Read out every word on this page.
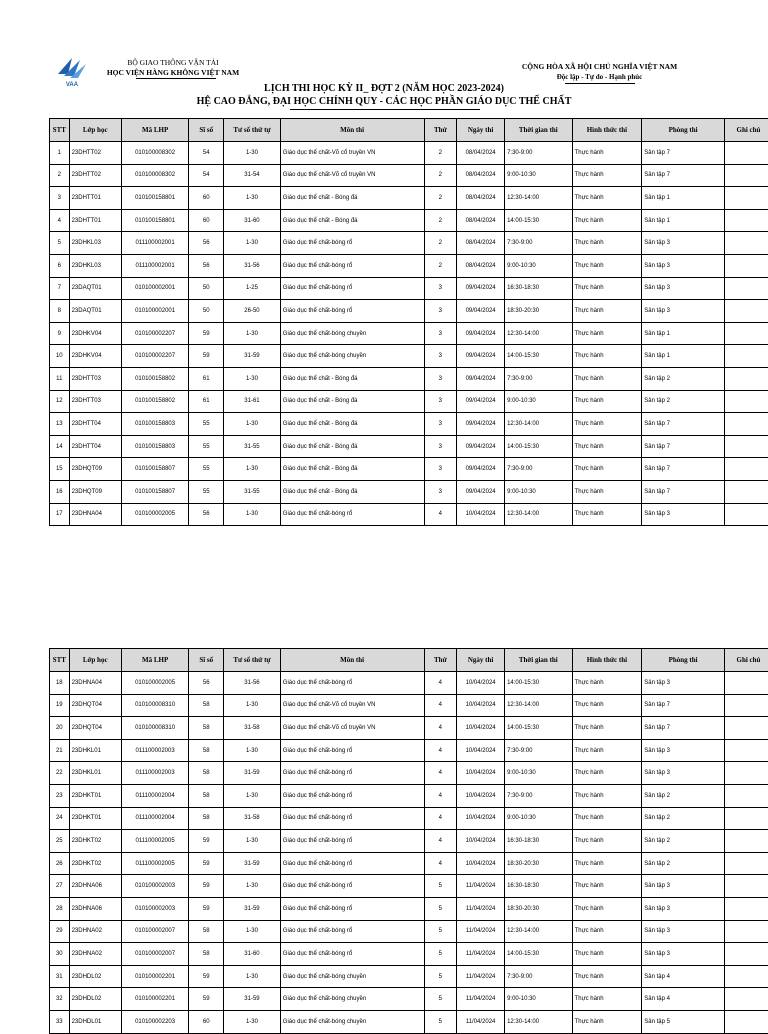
VAA
BỘ GIAO THÔNG VẬN TẢI
HỌC VIỆN HÀNG KHÔNG VIỆT NAM
CỘNG HÒA XÃ HỘI CHỦ NGHĨA VIỆT NAM
Độc lập - Tự do - Hạnh phúc
LỊCH THI HỌC KỲ II_ ĐỢT 2 (NĂM HỌC 2023-2024)
HỆ CAO ĐẲNG, ĐẠI HỌC CHÍNH QUY - CÁC HỌC PHẦN GIÁO DỤC THỂ CHẤT
STT	Lớp học	Mã LHP	Sĩ số	Tư số thứ tự	Môn thi	Thứ	Ngày thi	Thời gian thi	Hình thức thi	Phòng thi	Ghi chú
1	23DHTT02	010100008302	54	1-30	Giáo dục thể chất-Võ cổ truyền VN	2	08/04/2024	7:30-9:00	Thực hành	Sân tập 7	
2	23DHTT02	010100008302	54	31-54	Giáo dục thể chất-Võ cổ truyền VN	2	08/04/2024	9:00-10:30	Thực hành	Sân tập 7	
3	23DHTT01	010100158801	60	1-30	Giáo dục thể chất - Bóng đá	2	08/04/2024	12:30-14:00	Thực hành	Sân tập 1	
4	23DHTT01	010100158801	60	31-60	Giáo dục thể chất - Bóng đá	2	08/04/2024	14:00-15:30	Thực hành	Sân tập 1	
5	23DHKL03	011100002001	56	1-30	Giáo dục thể chất-bóng rổ	2	08/04/2024	7:30-9:00	Thực hành	Sân tập 3	
6	23DHKL03	011100002001	56	31-56	Giáo dục thể chất-bóng rổ	2	08/04/2024	9:00-10:30	Thực hành	Sân tập 3	
7	23DAQT01	010100002001	50	1-25	Giáo dục thể chất-bóng rổ	3	09/04/2024	16:30-18:30	Thực hành	Sân tập 3	
8	23DAQT01	010100002001	50	26-50	Giáo dục thể chất-bóng rổ	3	09/04/2024	18:30-20:30	Thực hành	Sân tập 3	
9	23DHKV04	010100002207	59	1-30	Giáo dục thể chất-bóng chuyền	3	09/04/2024	12:30-14:00	Thực hành	Sân tập 1	
10	23DHKV04	010100002207	59	31-59	Giáo dục thể chất-bóng chuyền	3	09/04/2024	14:00-15:30	Thực hành	Sân tập 1	
11	23DHTT03	010100158802	61	1-30	Giáo dục thể chất - Bóng đá	3	09/04/2024	7:30-9:00	Thực hành	Sân tập 2	
12	23DHTT03	010100158802	61	31-61	Giáo dục thể chất - Bóng đá	3	09/04/2024	9:00-10:30	Thực hành	Sân tập 2	
13	23DHTT04	010100158803	55	1-30	Giáo dục thể chất - Bóng đá	3	09/04/2024	12:30-14:00	Thực hành	Sân tập 7	
14	23DHTT04	010100158803	55	31-55	Giáo dục thể chất - Bóng đá	3	09/04/2024	14:00-15:30	Thực hành	Sân tập 7	
15	23DHQT09	010100158807	55	1-30	Giáo dục thể chất - Bóng đá	3	09/04/2024	7:30-9:00	Thực hành	Sân tập 7	
16	23DHQT09	010100158807	55	31-55	Giáo dục thể chất - Bóng đá	3	09/04/2024	9:00-10:30	Thực hành	Sân tập 7	
17	23DHNA04	010100002005	56	1-30	Giáo dục thể chất-bóng rổ	4	10/04/2024	12:30-14:00	Thực hành	Sân tập 3	
STT	Lớp học	Mã LHP	Sĩ số	Tư số thứ tự	Môn thi	Thứ	Ngày thi	Thời gian thi	Hình thức thi	Phòng thi	Ghi chú
18	23DHNA04	010100002005	56	31-56	Giáo dục thể chất-bóng rổ	4	10/04/2024	14:00-15:30	Thực hành	Sân tập 3	
19	23DHQT04	010100008310	58	1-30	Giáo dục thể chất-Võ cổ truyền VN	4	10/04/2024	12:30-14:00	Thực hành	Sân tập 7	
20	23DHQT04	010100008310	58	31-58	Giáo dục thể chất-Võ cổ truyền VN	4	10/04/2024	14:00-15:30	Thực hành	Sân tập 7	
21	23DHKL01	011100002003	58	1-30	Giáo dục thể chất-bóng rổ	4	10/04/2024	7:30-9:00	Thực hành	Sân tập 3	
22	23DHKL01	011100002003	58	31-59	Giáo dục thể chất-bóng rổ	4	10/04/2024	9:00-10:30	Thực hành	Sân tập 3	
23	23DHKT01	011100002004	58	1-30	Giáo dục thể chất-bóng rổ	4	10/04/2024	7:30-9:00	Thực hành	Sân tập 2	
24	23DHKT01	011100002004	58	31-58	Giáo dục thể chất-bóng rổ	4	10/04/2024	9:00-10:30	Thực hành	Sân tập 2	
25	23DHKT02	011100002005	59	1-30	Giáo dục thể chất-bóng rổ	4	10/04/2024	16:30-18:30	Thực hành	Sân tập 2	
26	23DHKT02	011100002005	59	31-59	Giáo dục thể chất-bóng rổ	4	10/04/2024	18:30-20:30	Thực hành	Sân tập 2	
27	23DHNA06	010100002003	59	1-30	Giáo dục thể chất-bóng rổ	5	11/04/2024	16:30-18:30	Thực hành	Sân tập 3	
28	23DHNA06	010100002003	59	31-59	Giáo dục thể chất-bóng rổ	5	11/04/2024	18:30-20:30	Thực hành	Sân tập 3	
29	23DHNA02	010100002007	58	1-30	Giáo dục thể chất-bóng rổ	5	11/04/2024	12:30-14:00	Thực hành	Sân tập 3	
30	23DHNA02	010100002007	58	31-60	Giáo dục thể chất-bóng rổ	5	11/04/2024	14:00-15:30	Thực hành	Sân tập 3	
31	23DHDL02	010100002201	59	1-30	Giáo dục thể chất-bóng chuyền	5	11/04/2024	7:30-9:00	Thực hành	Sân tập 4	
32	23DHDL02	010100002201	59	31-59	Giáo dục thể chất-bóng chuyền	5	11/04/2024	9:00-10:30	Thực hành	Sân tập 4	
33	23DHDL01	010100002203	60	1-30	Giáo dục thể chất-bóng chuyền	5	11/04/2024	12:30-14:00	Thực hành	Sân tập 5	
